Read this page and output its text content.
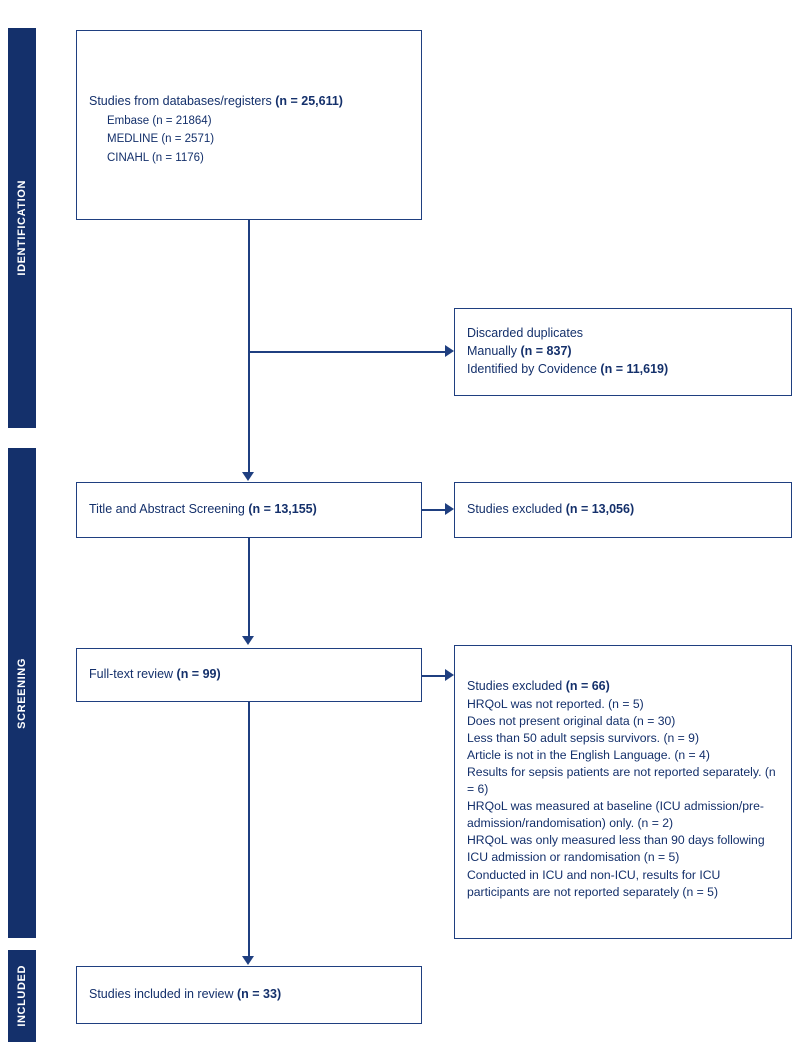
IDENTIFICATION
SCREENING
INCLUDED
Studies from databases/registers (n = 25,611)
Embase (n = 21864)
MEDLINE (n = 2571)
CINAHL (n = 1176)
Discarded duplicates
Manually (n = 837)
Identified by Covidence (n = 11,619)
Title and Abstract Screening (n = 13,155)	Studies excluded (n = 13,056)
Full-text review (n = 99)
Studies excluded (n = 66)
HRQoL was not reported. (n = 5)
Does not present original data (n = 30)
Less than 50 adult sepsis survivors. (n = 9)
Article is not in the English Language. (n = 4)
Results for sepsis patients are not reported separately. (n = 6)
HRQoL was measured at baseline (ICU admission/pre-admission/randomisation) only. (n = 2)
HRQoL was only measured less than 90 days following ICU admission or randomisation (n = 5)
Conducted in ICU and non-ICU, results for ICU participants are not reported separately (n = 5)
Studies included in review (n = 33)
